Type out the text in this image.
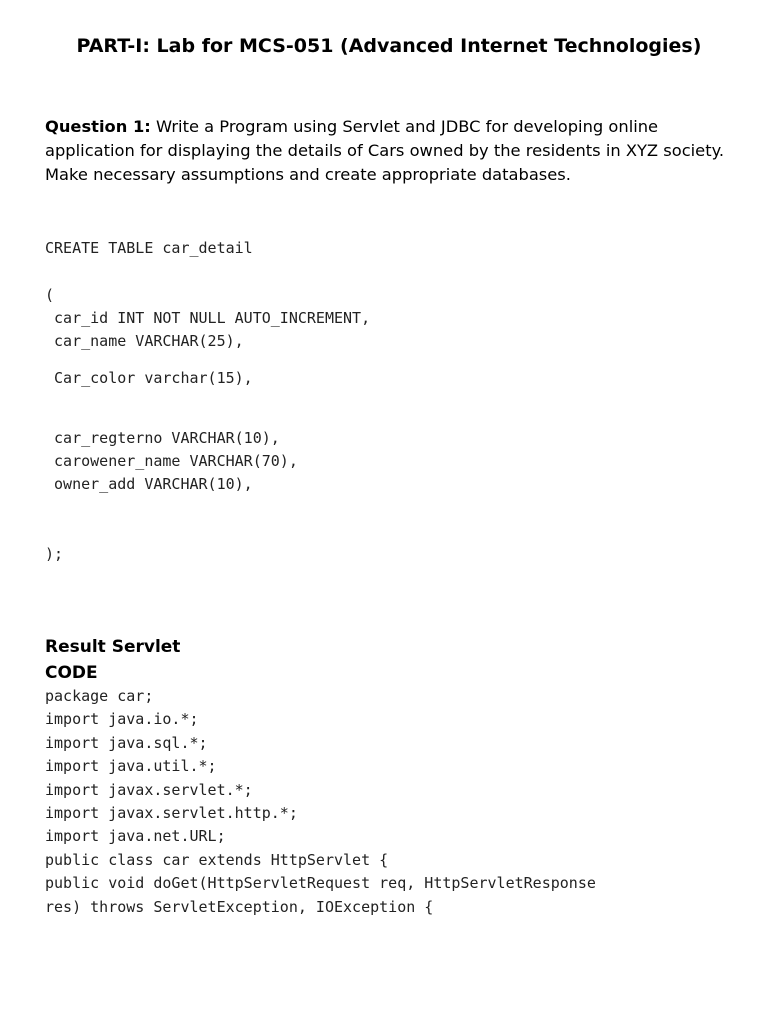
PART-I: Lab for MCS-051 (Advanced Internet Technologies)
Question 1: Write a Program using Servlet and JDBC for developing online application for displaying the details of Cars owned by the residents in XYZ society. Make necessary assumptions and create appropriate databases.
CREATE TABLE car_detail
(
car_id INT NOT NULL AUTO_INCREMENT,
car_name VARCHAR(25),
Car_color varchar(15),
car_regterno VARCHAR(10),
carowener_name VARCHAR(70),
owner_add VARCHAR(10),
);
Result Servlet
CODE
package car;
import java.io.*;
import java.sql.*;
import java.util.*;
import javax.servlet.*;
import javax.servlet.http.*;
import java.net.URL;
public class car extends HttpServlet {
public void doGet(HttpServletRequest req, HttpServletResponse
res) throws ServletException, IOException {
